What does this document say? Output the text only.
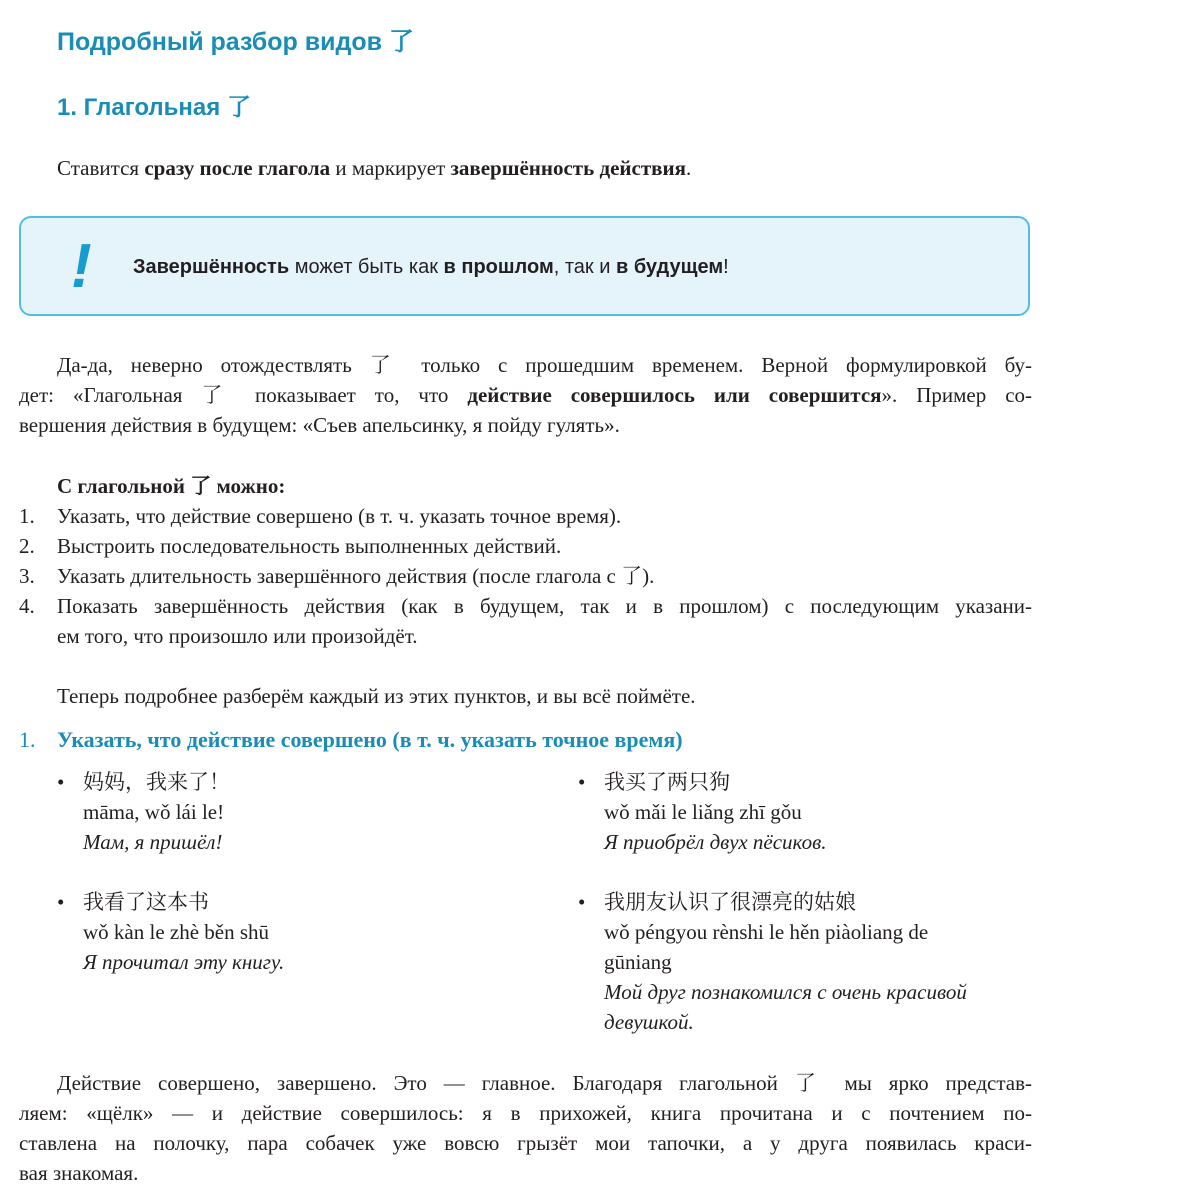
Подробный разбор видов 了
1. Глагольная 了
Ставится сразу после глагола и маркирует завершённость действия.
! Завершённость может быть как в прошлом, так и в будущем!
Да-да, неверно отождествлять 了 только с прошедшим временем. Верной формулировкой бу-
дет: «Глагольная 了 показывает то, что действие совершилось или совершится». Пример со-
вершения действия в будущем: «Съев апельсинку, я пойду гулять».
С глагольной 了 можно:
1. Указать, что действие совершено (в т. ч. указать точное время).
2. Выстроить последовательность выполненных действий.
3. Указать длительность завершённого действия (после глагола с 了).
4. Показать завершённость действия (как в будущем, так и в прошлом) с последующим указани-
ем того, что произошло или произойдёт.
Теперь подробнее разберём каждый из этих пунктов, и вы всё поймёте.
1. Указать, что действие совершено (в т. ч. указать точное время)
• 妈妈，我来了！
māma, wǒ lái le!
Мам, я пришёл!
• 我买了两只狗
wǒ mǎi le liǎng zhī gǒu
Я приобрёл двух пёсиков.
• 我看了这本书
wǒ kàn le zhè běn shū
Я прочитал эту книгу.
• 我朋友认识了很漂亮的姑娘
wǒ péngyou rènshi le hěn piàoliang de
gūniang
Мой друг познакомился с очень красивой
девушкой.
Действие совершено, завершено. Это — главное. Благодаря глагольной 了 мы ярко представ-
ляем: «щёлк» — и действие совершилось: я в прихожей, книга прочитана и с почтением по-
ставлена на полочку, пара собачек уже вовсю грызёт мои тапочки, а у друга появилась краси-
вая знакомая.
